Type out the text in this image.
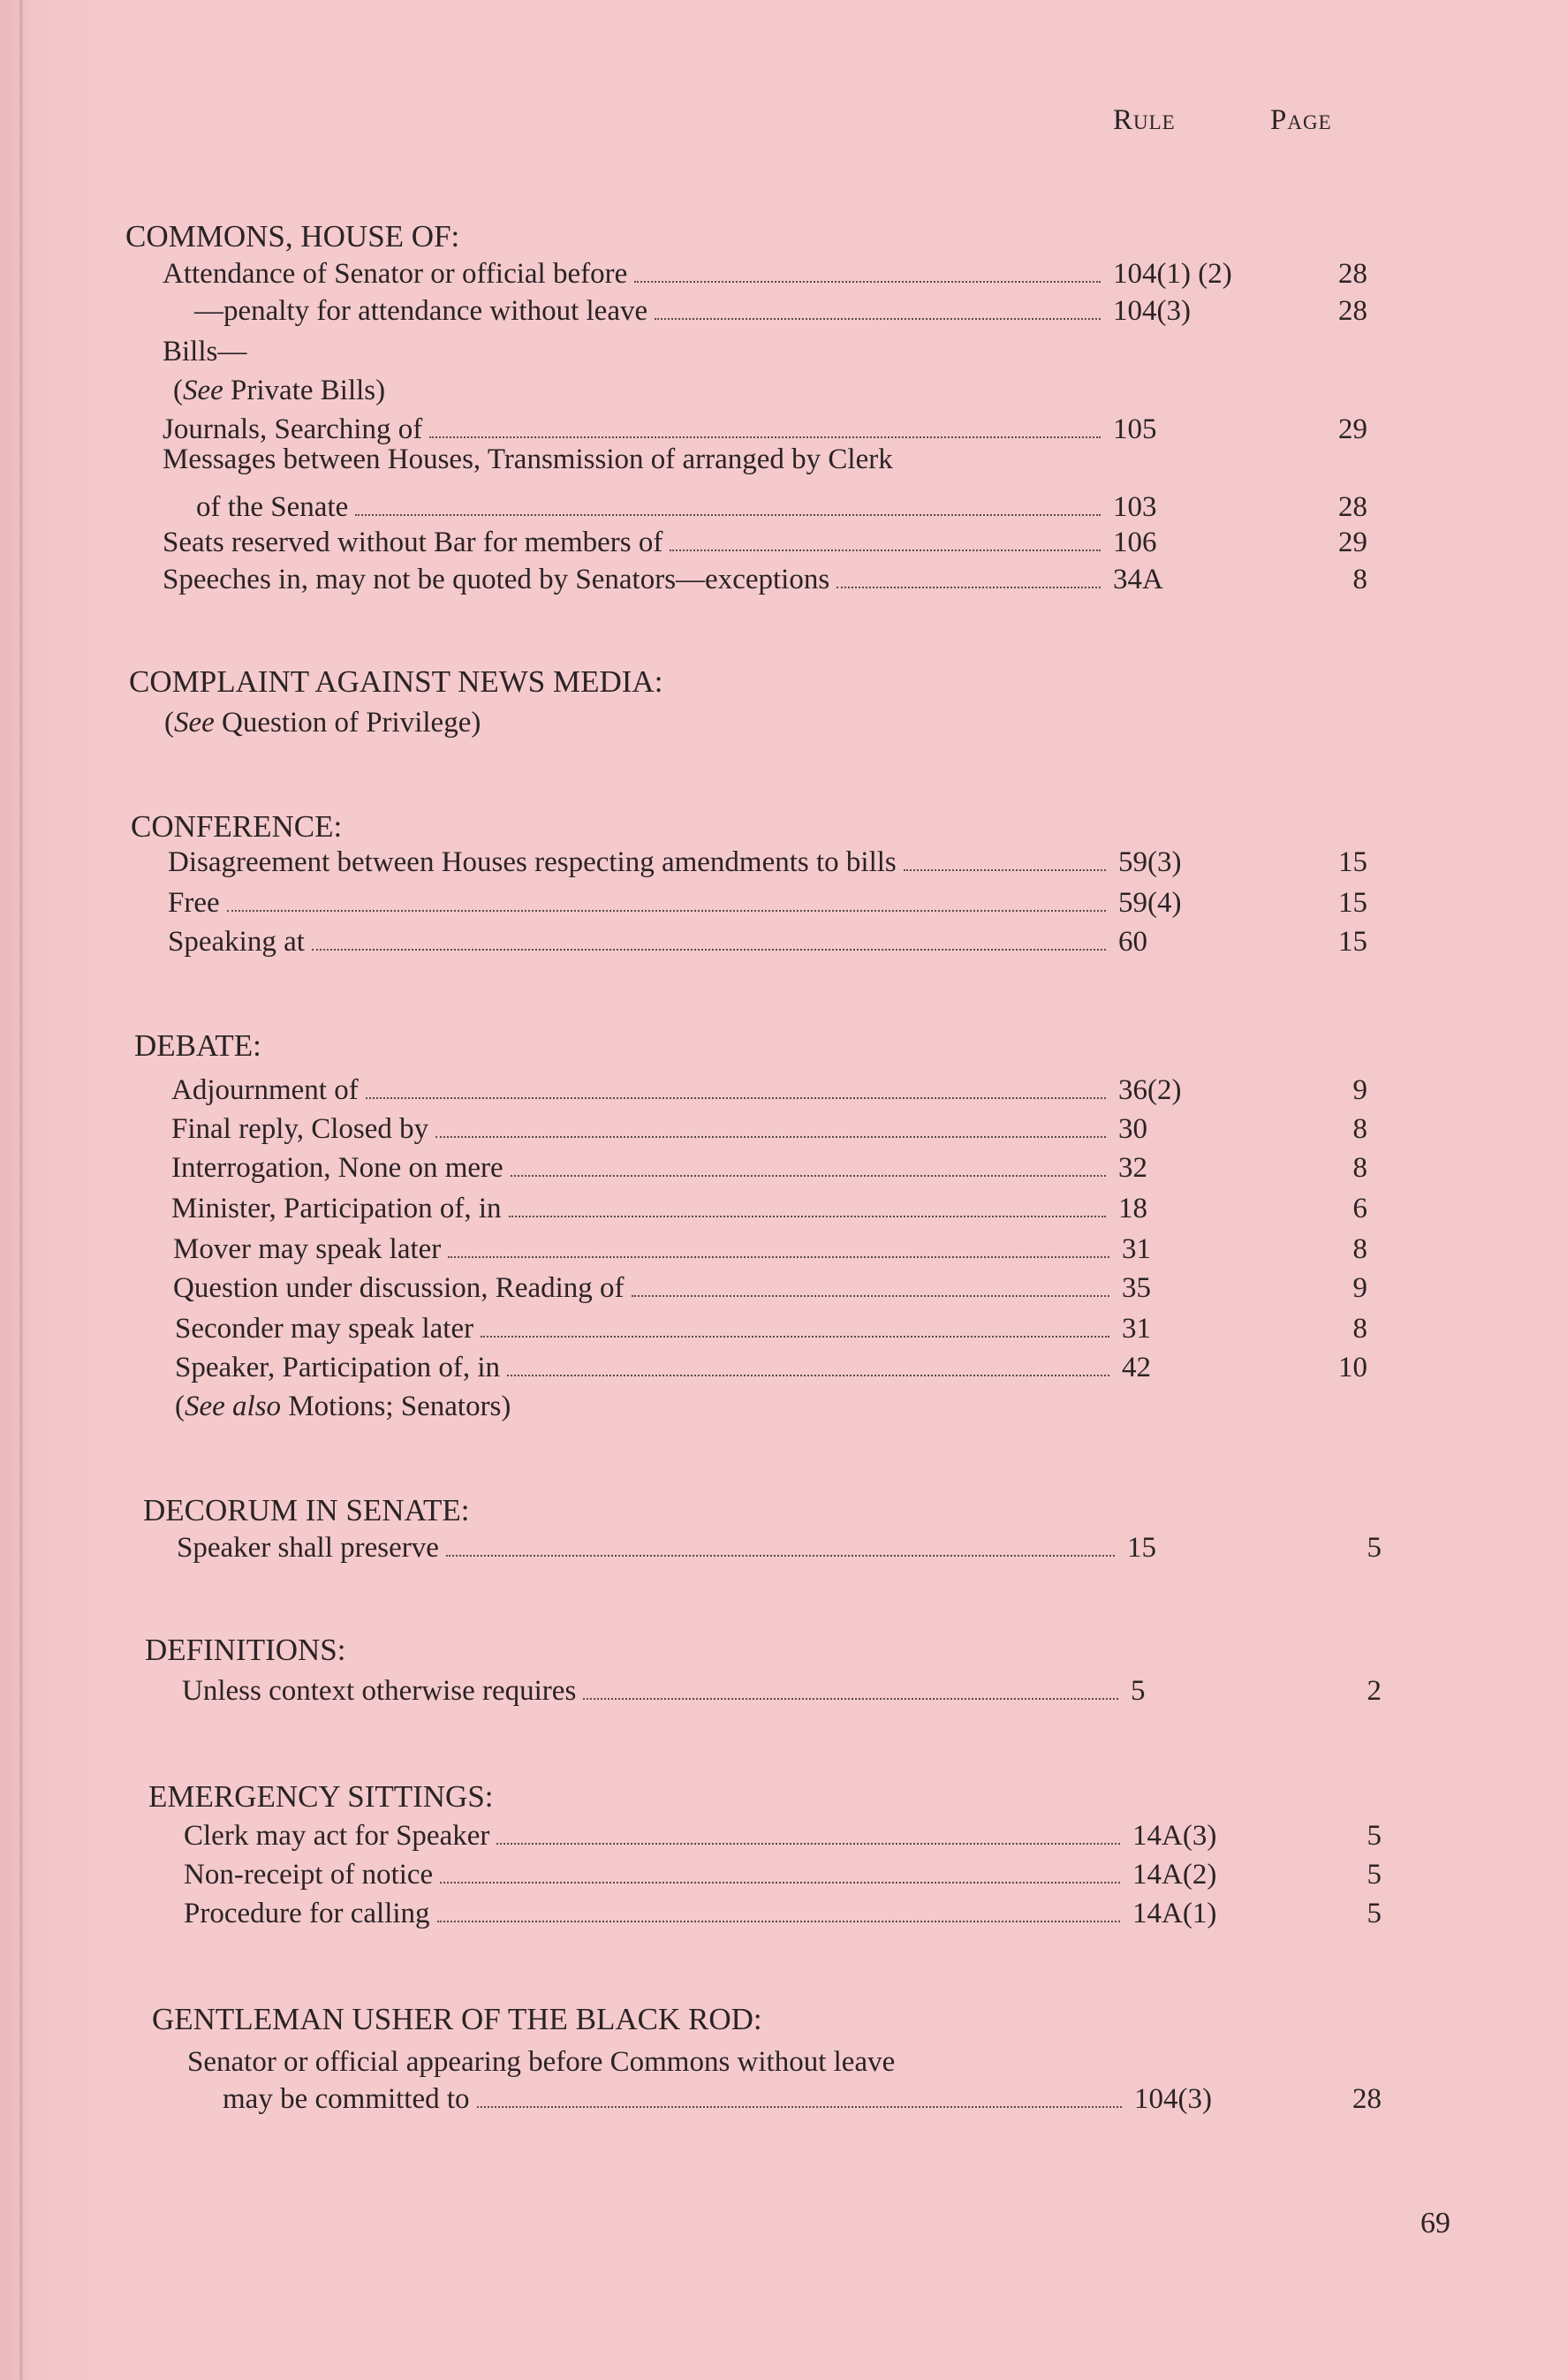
Rule	Page
COMMONS, HOUSE OF:
Attendance of Senator or official before	104(1) (2)	28
—penalty for attendance without leave	104(3)	28
Bills—
(See Private Bills)
Journals, Searching of	105	29
Messages between Houses, Transmission of arranged by Clerk
of the Senate	103	28
Seats reserved without Bar for members of	106	29
Speeches in, may not be quoted by Senators—exceptions	34A	8
COMPLAINT AGAINST NEWS MEDIA:
(See Question of Privilege)
CONFERENCE:
Disagreement between Houses respecting amendments to bills	59(3)	15
Free	59(4)	15
Speaking at	60	15
DEBATE:
Adjournment of	36(2)	9
Final reply, Closed by	30	8
Interrogation, None on mere	32	8
Minister, Participation of, in	18	6
Mover may speak later	31	8
Question under discussion, Reading of	35	9
Seconder may speak later	31	8
Speaker, Participation of, in	42	10
(See also Motions; Senators)
DECORUM IN SENATE:
Speaker shall preserve	15	5
DEFINITIONS:
Unless context otherwise requires	5	2
EMERGENCY SITTINGS:
Clerk may act for Speaker	14A(3)	5
Non-receipt of notice	14A(2)	5
Procedure for calling	14A(1)	5
GENTLEMAN USHER OF THE BLACK ROD:
Senator or official appearing before Commons without leave
may be committed to	104(3)	28
69
